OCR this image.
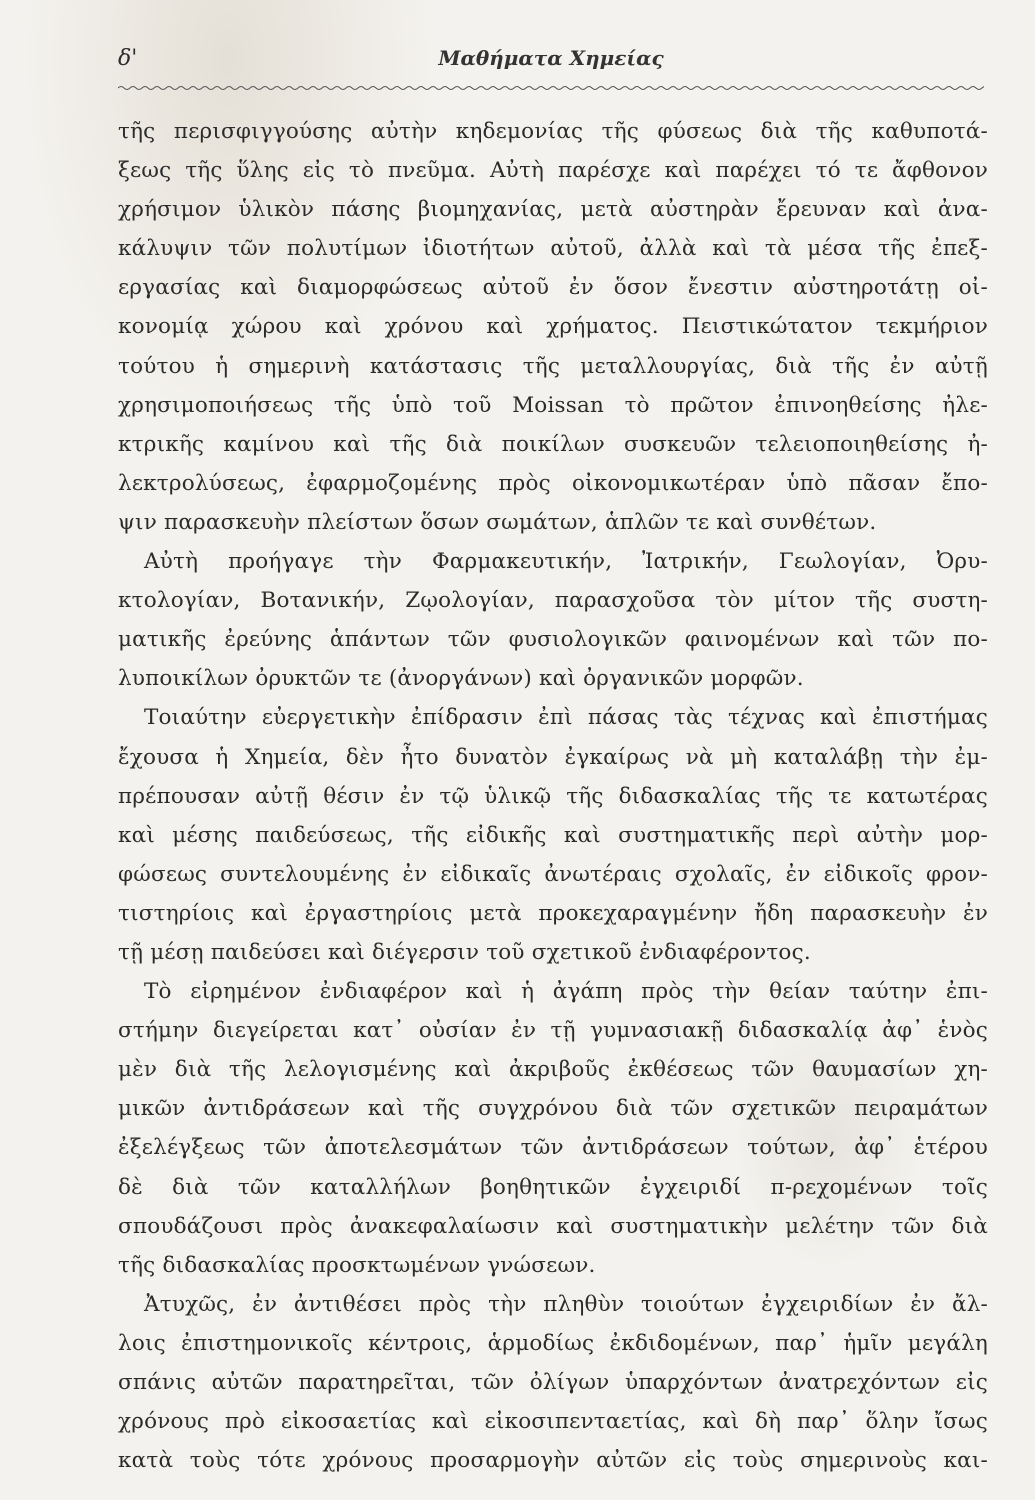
δ'	Μαθήματα Χημείας
τῆς περισφιγγούσης αὐτὴν κηδεμονίας τῆς φύσεως διὰ τῆς καθυποτά-
ξεως τῆς ὕλης εἰς τὸ πνεῦμα. Αὐτὴ παρέσχε καὶ παρέχει τό τε ἄφθονον
χρήσιμον ὑλικὸν πάσης βιομηχανίας, μετὰ αὐστηρὰν ἔρευναν καὶ ἀνα-
κάλυψιν τῶν πολυτίμων ἰδιοτήτων αὐτοῦ, ἀλλὰ καὶ τὰ μέσα τῆς ἐπεξ-
εργασίας καὶ διαμορφώσεως αὐτοῦ ἐν ὅσον ἔνεστιν αὐστηροτάτῃ οἰ-
κονομίᾳ χώρου καὶ χρόνου καὶ χρήματος. Πειστικώτατον τεκμήριον
τούτου ἡ σημερινὴ κατάστασις τῆς μεταλλουργίας, διὰ τῆς ἐν αὐτῇ
χρησιμοποιήσεως τῆς ὑπὸ τοῦ Moissan τὸ πρῶτον ἐπινοηθείσης ἠλε-
κτρικῆς καμίνου καὶ τῆς διὰ ποικίλων συσκευῶν τελειοποιηθείσης ἠ-
λεκτρολύσεως, ἐφαρμοζομένης πρὸς οἰκονομικωτέραν ὑπὸ πᾶσαν ἔπο-
ψιν παρασκευὴν πλείστων ὅσων σωμάτων, ἁπλῶν τε καὶ συνθέτων.
Αὐτὴ προήγαγε τὴν Φαρμακευτικήν, Ἰατρικήν, Γεωλογίαν, Ὀρυ-
κτολογίαν, Βοτανικήν, Ζῳολογίαν, παρασχοῦσα τὸν μίτον τῆς συστη-
ματικῆς ἐρεύνης ἁπάντων τῶν φυσιολογικῶν φαινομένων καὶ τῶν πο-
λυποικίλων ὀρυκτῶν τε (ἀνοργάνων) καὶ ὀργανικῶν μορφῶν.
Τοιαύτην εὐεργετικὴν ἐπίδρασιν ἐπὶ πάσας τὰς τέχνας καὶ ἐπιστήμας
ἔχουσα ἡ Χημεία, δὲν ἦτο δυνατὸν ἐγκαίρως νὰ μὴ καταλάβῃ τὴν ἐμ-
πρέπουσαν αὐτῇ θέσιν ἐν τῷ ὑλικῷ τῆς διδασκαλίας τῆς τε κατωτέρας
καὶ μέσης παιδεύσεως, τῆς εἰδικῆς καὶ συστηματικῆς περὶ αὐτὴν μορ-
φώσεως συντελουμένης ἐν εἰδικαῖς ἀνωτέραις σχολαῖς, ἐν εἰδικοῖς φρον-
τιστηρίοις καὶ ἐργαστηρίοις μετὰ προκεχαραγμένην ἤδη παρασκευὴν ἐν
τῇ μέσῃ παιδεύσει καὶ διέγερσιν τοῦ σχετικοῦ ἐνδιαφέροντος.
Τὸ εἰρημένον ἐνδιαφέρον καὶ ἡ ἀγάπη πρὸς τὴν θείαν ταύτην ἐπι-
στήμην διεγείρεται κατ᾽ οὐσίαν ἐν τῇ γυμνασιακῇ διδασκαλίᾳ ἀφ᾽ ἑνὸς
μὲν διὰ τῆς λελογισμένης καὶ ἀκριβοῦς ἐκθέσεως τῶν θαυμασίων χη-
μικῶν ἀντιδράσεων καὶ τῆς συγχρόνου διὰ τῶν σχετικῶν πειραμάτων
ἐξελέγξεως τῶν ἀποτελεσμάτων τῶν ἀντιδράσεων τούτων, ἀφ᾽ ἑτέρου
δὲ διὰ τῶν καταλλήλων βοηθητικῶν ἐγχειριδί π-ρεχομένων τοῖς
σπουδάζουσι πρὸς ἀνακεφαλαίωσιν καὶ συστηματικὴν μελέτην τῶν διὰ
τῆς διδασκαλίας προσκτωμένων γνώσεων.
Ἀτυχῶς, ἐν ἀντιθέσει πρὸς τὴν πληθὺν τοιούτων ἐγχειριδίων ἐν ἄλ-
λοις ἐπιστημονικοῖς κέντροις, ἁρμοδίως ἐκδιδομένων, παρ᾽ ἡμῖν μεγάλη
σπάνις αὐτῶν παρατηρεῖται, τῶν ὀλίγων ὑπαρχόντων ἀνατρεχόντων εἰς
χρόνους πρὸ εἰκοσαετίας καὶ εἰκοσιπενταετίας, καὶ δὴ παρ᾽ ὅλην ἴσως
κατὰ τοὺς τότε χρόνους προσαρμογὴν αὐτῶν εἰς τοὺς σημερινοὺς και-
